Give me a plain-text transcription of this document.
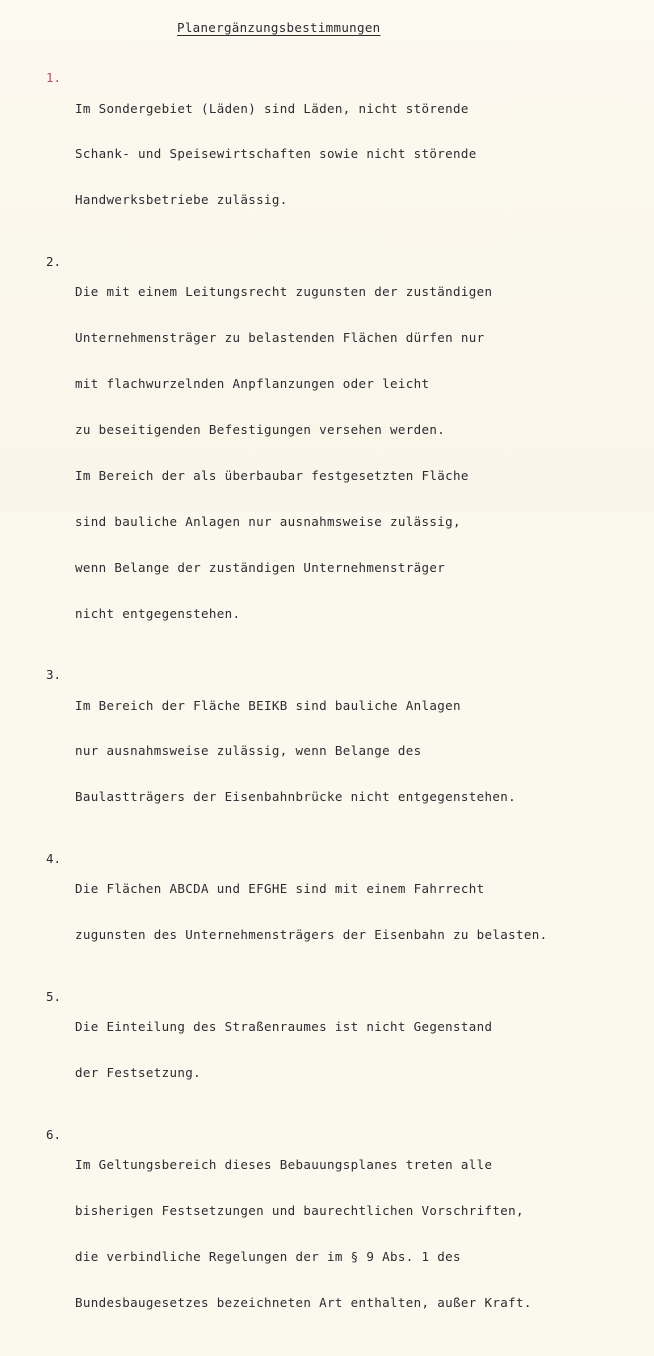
Planergänzungsbestimmungen
1.

Im Sondergebiet (Läden) sind Läden, nicht störende

Schank- und Speisewirtschaften sowie nicht störende

Handwerksbetriebe zulässig.

2.

Die mit einem Leitungsrecht zugunsten der zuständigen

Unternehmensträger zu belastenden Flächen dürfen nur

mit flachwurzelnden Anpflanzungen oder leicht

zu beseitigenden Befestigungen versehen werden.

Im Bereich der als überbaubar festgesetzten Fläche

sind bauliche Anlagen nur ausnahmsweise zulässig,

wenn Belange der zuständigen Unternehmensträger

nicht entgegenstehen.

3.

Im Bereich der Fläche BEIKB sind bauliche Anlagen

nur ausnahmsweise zulässig, wenn Belange des

Baulastträgers der Eisenbahnbrücke nicht entgegenstehen.

4.

Die Flächen ABCDA und EFGHE sind mit einem Fahrrecht

zugunsten des Unternehmensträgers der Eisenbahn zu belasten.

5.

Die Einteilung des Straßenraumes ist nicht Gegenstand

der Festsetzung.

6.

Im Geltungsbereich dieses Bebauungsplanes treten alle

bisherigen Festsetzungen und baurechtlichen Vorschriften,

die verbindliche Regelungen der im § 9 Abs. 1 des

Bundesbaugesetzes bezeichneten Art enthalten, außer Kraft.
